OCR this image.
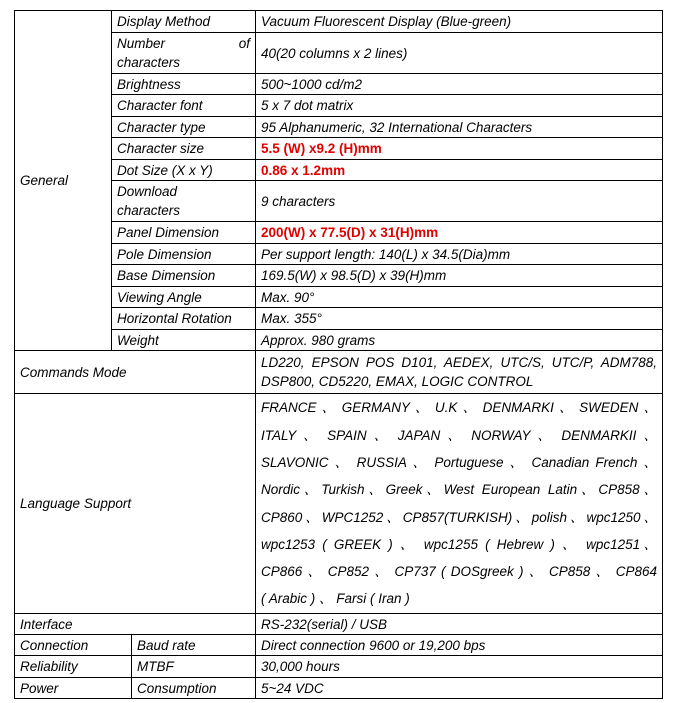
General	Display Method		Vacuum Fluorescent Display (Blue-green)

	Number of
characters		40(20 columns x 2 lines)
	Brightness		500~1000 cd/m2
	Character font		5 x 7 dot matrix
	Character type		95 Alphanumeric, 32 International Characters
	Character size		5.5 (W) x9.2 (H)mm
	Dot Size (X x Y)		0.86 x 1.2mm

	Download
characters		9 characters
	Panel Dimension		200(W) x 77.5(D) x 31(H)mm
	Pole Dimension		Per support length: 140(L) x 34.5(Dia)mm
	Base Dimension		169.5(W) x 98.5(D) x 39(H)mm
	Viewing Angle		Max. 90°
	Horizontal Rotation		Max. 355°
	Weight		Approx. 980 grams
Commands Mode			LD220, EPSON POS D101, AEDEX, UTC/S, UTC/P, ADM788,
DSP800, CD5220, EMAX, LOGIC CONTROL

Language Support			FRANCE 、 GERMANY 、 U.K 、 DENMARKI 、 SWEDEN 、 ITALY 、 SPAIN 、 JAPAN 、 NORWAY 、 DENMARKII 、 SLAVONIC 、 RUSSIA 、 Portuguese 、 Canadian French 、 Nordic、Turkish、Greek、West European Latin、CP858、 CP860、WPC1252、CP857(TURKISH)、polish、wpc1250、 wpc1253 ( GREEK ) 、 wpc1255 ( Hebrew ) 、 wpc1251、 CP866 、 CP852 、 CP737 ( DOSgreek ) 、 CP858 、 CP864
( Arabic ) 、 Farsi ( Iran )

Interface			RS-232(serial) / USB
Connection		Baud rate	Direct connection 9600 or 19,200 bps
Reliability		MTBF	30,000 hours
Power		Consumption	5~24 VDC
